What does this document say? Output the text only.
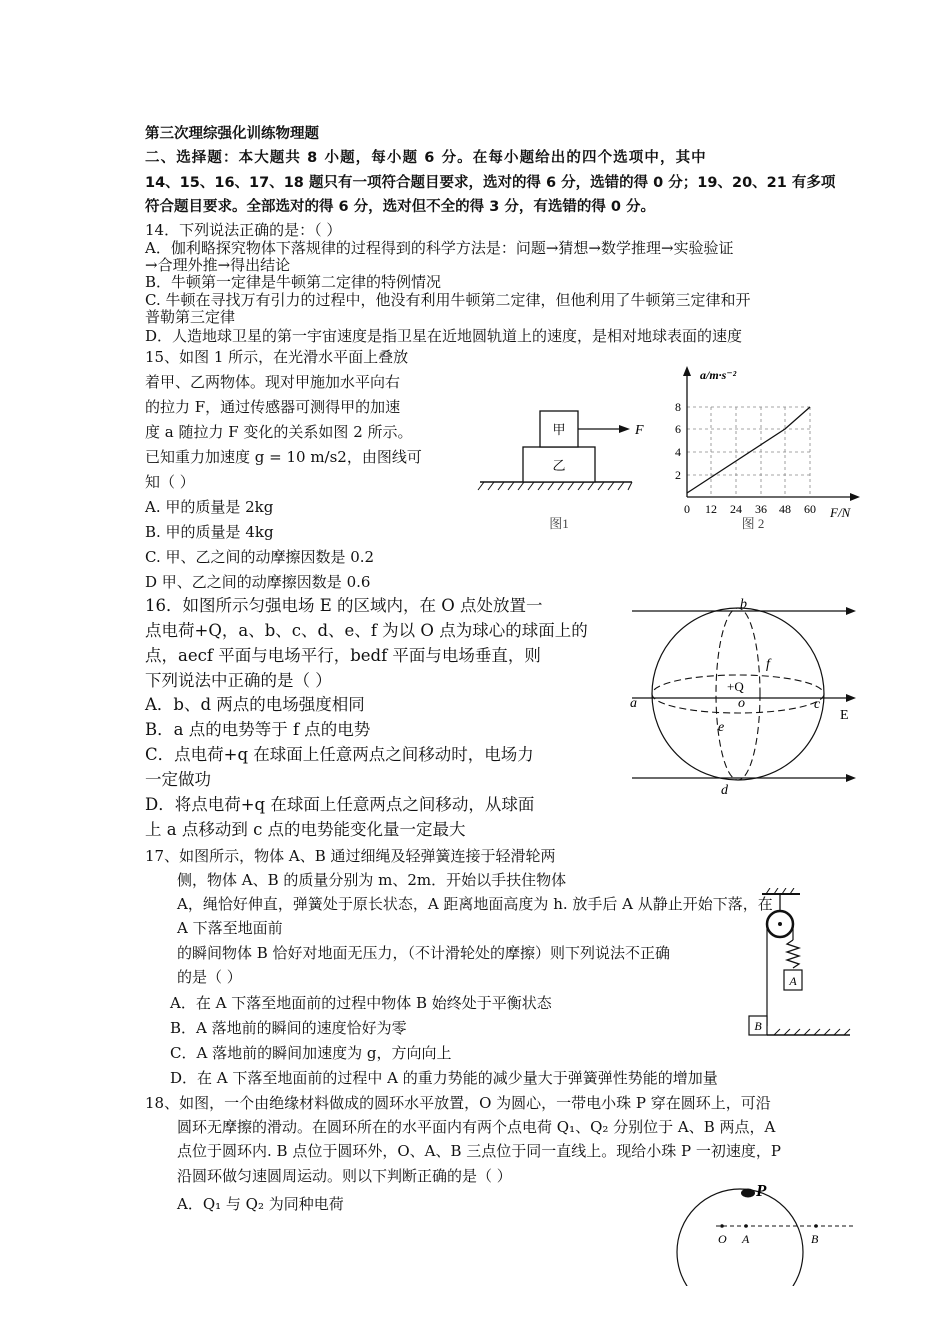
第三次理综强化训练物理题
二、选择题：本大题共 8 小题，每小题 6 分。在每小题给出的四个选项中，其中
14、15、16、17、18 题只有一项符合题目要求，选对的得 6 分，选错的得 0 分；19、20、21 有多项
符合题目要求。全部选对的得 6 分，选对但不全的得 3 分，有选错的得 0 分。
14．下列说法正确的是：（ ）
A．伽利略探究物体下落规律的过程得到的科学方法是：问题→猜想→数学推理→实验验证
→合理外推→得出结论
B．牛顿第一定律是牛顿第二定律的特例情况
C. 牛顿在寻找万有引力的过程中，他没有利用牛顿第二定律，但他利用了牛顿第三定律和开
普勒第三定律
D．人造地球卫星的第一宇宙速度是指卫星在近地圆轨道上的速度，是相对地球表面的速度
15、如图 1 所示，在光滑水平面上叠放
着甲、乙两物体。现对甲施加水平向右
的拉力 F，通过传感器可测得甲的加速
度 a 随拉力 F 变化的关系如图 2 所示。
已知重力加速度 g = 10 m/s2，由图线可
知（ ）
A. 甲的质量是 2kg
B. 甲的质量是 4kg
C. 甲、乙之间的动摩擦因数是 0.2
D 甲、乙之间的动摩擦因数是 0.6
甲
乙
F
图1
a/m·s⁻²
F/N
2
4
6
8
0 12 24 36 48 60
图 2
16．如图所示匀强电场 E 的区域内，在 O 点处放置一
点电荷+Q，a、b、c、d、e、f 为以 O 点为球心的球面上的
点，aecf 平面与电场平行，bedf 平面与电场垂直，则
下列说法中正确的是（ ）
A．b、d 两点的电场强度相同
B．a 点的电势等于 f 点的电势
C．点电荷+q 在球面上任意两点之间移动时，电场力
一定做功
D．将点电荷+q 在球面上任意两点之间移动，从球面
上 a 点移动到 c 点的电势能变化量一定最大
a
b
c
d
e
f
o
E
+Q
17、如图所示，物体 A、B 通过细绳及轻弹簧连接于轻滑轮两
侧，物体 A、B 的质量分别为 m、2m．开始以手扶住物体
A，绳恰好伸直，弹簧处于原长状态，A 距离地面高度为 h. 放手后 A 从静止开始下落，在
A 下落至地面前
的瞬间物体 B 恰好对地面无压力，（不计滑轮处的摩擦）则下列说法不正确
的是（ ）
A．在 A 下落至地面前的过程中物体 B 始终处于平衡状态
B．A 落地前的瞬间的速度恰好为零
C．A 落地前的瞬间加速度为 g，方向向上
D．在 A 下落至地面前的过程中 A 的重力势能的减少量大于弹簧弹性势能的增加量
A
B
18、如图，一个由绝缘材料做成的圆环水平放置，O 为圆心，一带电小珠 P 穿在圆环上，可沿
圆环无摩擦的滑动。在圆环所在的水平面内有两个点电荷 Q₁、Q₂ 分别位于 A、B 两点，A
点位于圆环内. B 点位于圆环外，O、A、B 三点位于同一直线上。现给小珠 P 一初速度，P
沿圆环做匀速圆周运动。则以下判断正确的是（ ）
A．Q₁ 与 Q₂ 为同种电荷
P
O A	B
